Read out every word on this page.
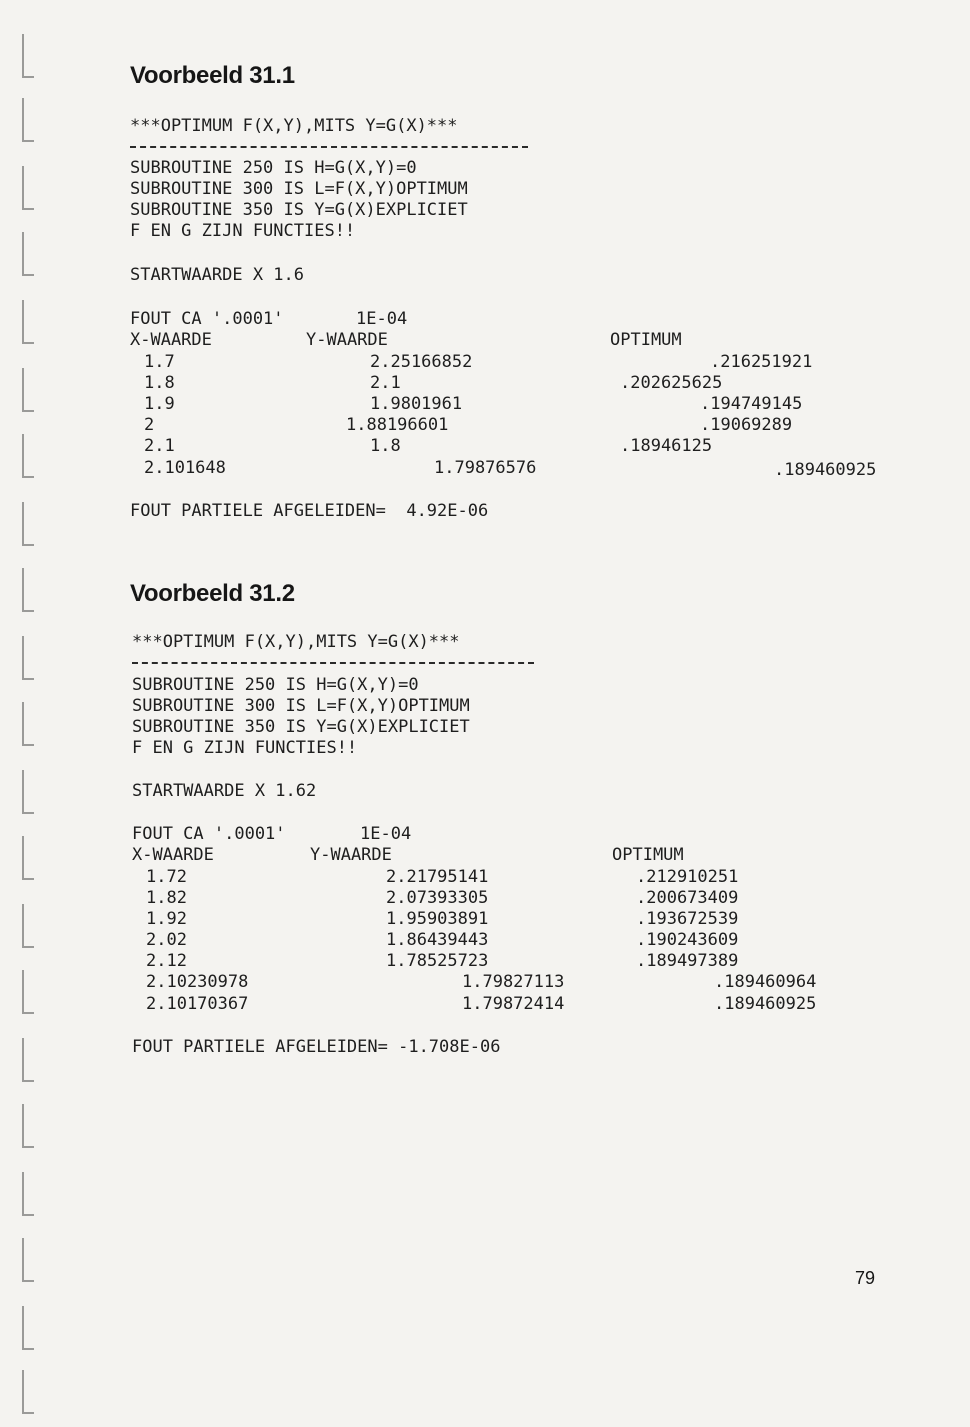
Voorbeeld 31.1
***OPTIMUM F(X,Y),MITS Y=G(X)***
SUBROUTINE 250 IS H=G(X,Y)=0
SUBROUTINE 300 IS L=F(X,Y)OPTIMUM
SUBROUTINE 350 IS Y=G(X)EXPLICIET
F EN G ZIJN FUNCTIES!!
STARTWAARDE X 1.6
FOUT CA '.0001'	1E-04
X-WAARDE	Y-WAARDE	OPTIMUM
1.7	2.25166852	.216251921
1.8	2.1	.202625625
1.9	1.9801961	.194749145
2	1.88196601	.19069289
2.1	1.8	.18946125
2.101648	1.79876576	.189460925
FOUT PARTIELE AFGELEIDEN=  4.92E-06
Voorbeeld 31.2
***OPTIMUM F(X,Y),MITS Y=G(X)***
SUBROUTINE 250 IS H=G(X,Y)=0
SUBROUTINE 300 IS L=F(X,Y)OPTIMUM
SUBROUTINE 350 IS Y=G(X)EXPLICIET
F EN G ZIJN FUNCTIES!!
STARTWAARDE X 1.62
FOUT CA '.0001'	1E-04
X-WAARDE	Y-WAARDE	OPTIMUM
1.72	2.21795141	.212910251
1.82	2.07393305	.200673409
1.92	1.95903891	.193672539
2.02	1.86439443	.190243609
2.12	1.78525723	.189497389
2.10230978	1.79827113	.189460964
2.10170367	1.79872414	.189460925
FOUT PARTIELE AFGELEIDEN= -1.708E-06
79
